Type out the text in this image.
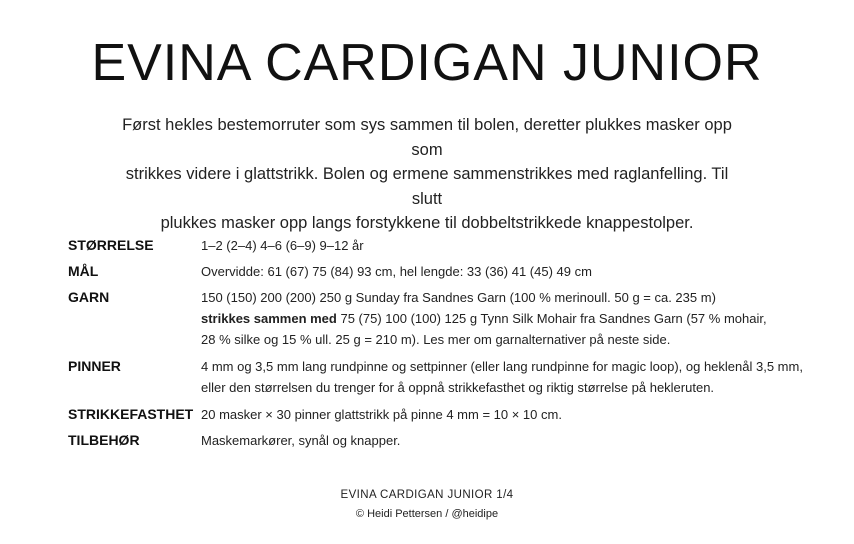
EVINA CARDIGAN JUNIOR
Først hekles bestemorruter som sys sammen til bolen, deretter plukkes masker opp som
strikkes videre i glattstrikk. Bolen og ermene sammenstrikkes med raglanfelling. Til slutt
plukkes masker opp langs forstykkene til dobbeltstrikkede knappestolper.
STØRRELSE	1–2 (2–4) 4–6 (6–9) 9–12 år
MÅL	Overvidde: 61 (67) 75 (84) 93 cm, hel lengde: 33 (36) 41 (45) 49 cm
GARN	150 (150) 200 (200) 250 g Sunday fra Sandnes Garn (100 % merinoull. 50 g = ca. 235 m)
strikkes sammen med 75 (75) 100 (100) 125 g Tynn Silk Mohair fra Sandnes Garn (57 % mohair,
28 % silke og 15 % ull. 25 g = 210 m). Les mer om garnalternativer på neste side.
PINNER	4 mm og 3,5 mm lang rundpinne og settpinner (eller lang rundpinne for magic loop), og heklenål 3,5 mm,
eller den størrelsen du trenger for å oppnå strikkefasthet og riktig størrelse på hekleruten.
STRIKKEFASTHET 20 masker × 30 pinner glattstrikk på pinne 4 mm = 10 × 10 cm.
TILBEHØR	Maskemarkører, synål og knapper.
EVINA CARDIGAN JUNIOR 1/4
© Heidi Pettersen / @heidipe
